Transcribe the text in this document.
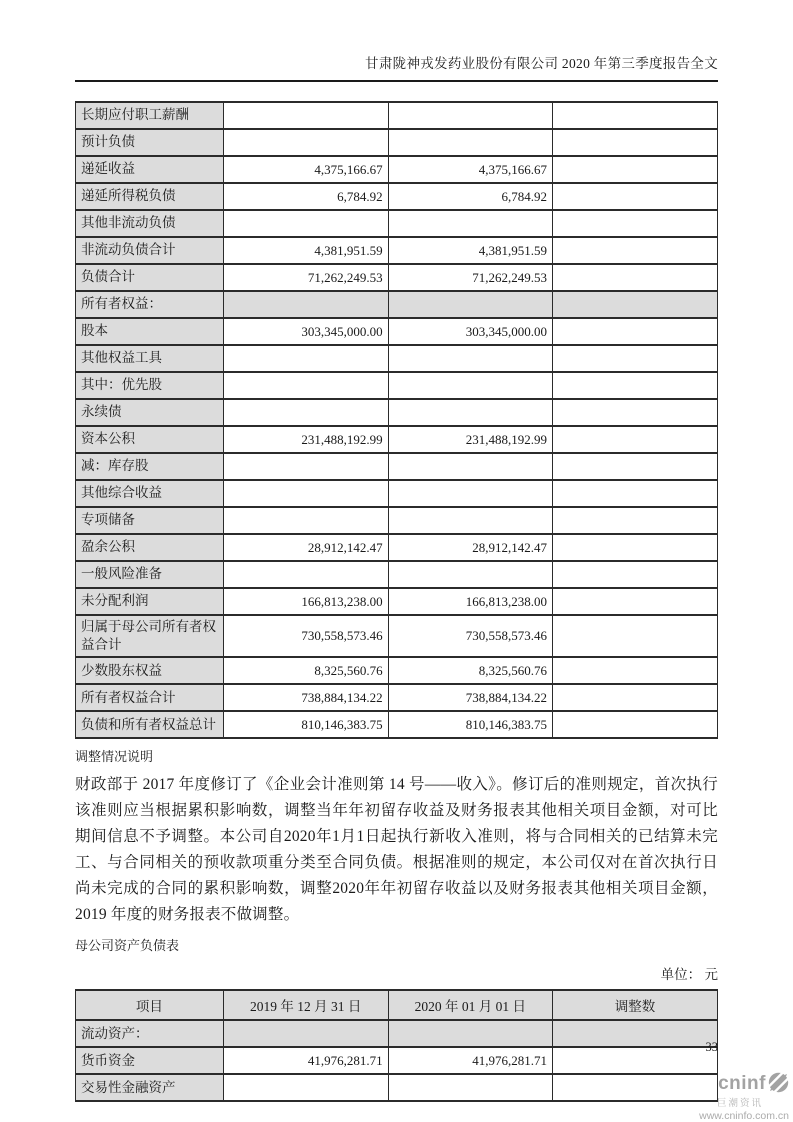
甘肃陇神戎发药业股份有限公司 2020 年第三季度报告全文
长期应付职工薪酬			
预计负债			
递延收益	4,375,166.67	4,375,166.67	
递延所得税负债	6,784.92	6,784.92	
其他非流动负债			
非流动负债合计	4,381,951.59	4,381,951.59	
负债合计	71,262,249.53	71,262,249.53	
所有者权益：			
股本	303,345,000.00	303,345,000.00	
其他权益工具			
其中：优先股			
永续债			
资本公积	231,488,192.99	231,488,192.99	
减：库存股			
其他综合收益			
专项储备			
盈余公积	28,912,142.47	28,912,142.47	
一般风险准备			
未分配利润	166,813,238.00	166,813,238.00	
归属于母公司所有者权益合计	730,558,573.46	730,558,573.46	
少数股东权益	8,325,560.76	8,325,560.76	
所有者权益合计	738,884,134.22	738,884,134.22	
负债和所有者权益总计	810,146,383.75	810,146,383.75	
调整情况说明
财政部于 2017 年度修订了《企业会计准则第 14 号——收入》。修订后的准则规定，首次执行该准则应当根据累积影响数，调整当年年初留存收益及财务报表其他相关项目金额，对可比期间信息不予调整。本公司自2020年1月1日起执行新收入准则，将与合同相关的已结算未完工、与合同相关的预收款项重分类至合同负债。根据准则的规定，本公司仅对在首次执行日尚未完成的合同的累积影响数，调整2020年年初留存收益以及财务报表其他相关项目金额，2019 年度的财务报表不做调整。
母公司资产负债表
单位： 元
项目	2019 年 12 月 31 日	2020 年 01 月 01 日	调整数
流动资产：			
货币资金	41,976,281.71	41,976,281.71	
交易性金融资产			
33
cninf
巨潮资讯
www.cninfo.com.cn
